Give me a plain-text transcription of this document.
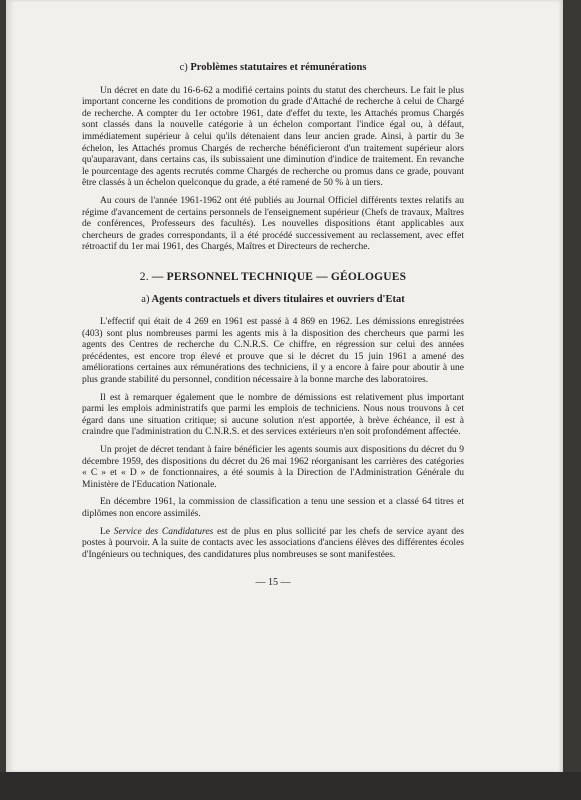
c) Problèmes statutaires et rémunérations

Un décret en date du 16-6-62 a modifié certains points du statut des chercheurs. Le fait le plus important concerne les conditions de promotion du grade d'Attaché de recherche à celui de Chargé de recherche. A compter du 1er octobre 1961, date d'effet du texte, les Attachés promus Chargés sont classés dans la nouvelle catégorie à un échelon comportant l'indice égal ou, à défaut, immédiatement supérieur à celui qu'ils détenaient dans leur ancien grade. Ainsi, à partir du 3e échelon, les Attachés promus Chargés de recherche bénéficieront d'un traitement supérieur alors qu'auparavant, dans certains cas, ils subissaient une diminution d'indice de traitement. En revanche le pourcentage des agents recrutés comme Chargés de recherche ou promus dans ce grade, pouvant être classés à un échelon quelconque du grade, a été ramené de 50 % à un tiers.

Au cours de l'année 1961-1962 ont été publiés au Journal Officiel différents textes relatifs au régime d'avancement de certains personnels de l'enseignement supérieur (Chefs de travaux, Maîtres de conférences, Professeurs des facultés). Les nouvelles dispositions étant applicables aux chercheurs de grades correspondants, il a été procédé successivement au reclassement, avec effet rétroactif du 1er mai 1961, des Chargés, Maîtres et Directeurs de recherche.

2. — PERSONNEL TECHNIQUE — GÉOLOGUES
a) Agents contractuels et divers titulaires et ouvriers d'Etat

L'effectif qui était de 4 269 en 1961 est passé à 4 869 en 1962. Les démissions enregistrées (403) sont plus nombreuses parmi les agents mis à la disposition des chercheurs que parmi les agents des Centres de recherche du C.N.R.S. Ce chiffre, en régression sur celui des années précédentes, est encore trop élevé et prouve que si le décret du 15 juin 1961 a amené des améliorations certaines aux rémunérations des techniciens, il y a encore à faire pour aboutir à une plus grande stabilité du personnel, condition nécessaire à la bonne marche des laboratoires.

Il est à remarquer également que le nombre de démissions est relativement plus important parmi les emplois administratifs que parmi les emplois de techniciens. Nous nous trouvons à cet égard dans une situation critique; si aucune solution n'est apportée, à brève échéance, il est à craindre que l'administration du C.N.R.S. et des services extérieurs n'en soit profondément affectée.

Un projet de décret tendant à faire bénéficier les agents soumis aux dispositions du décret du 9 décembre 1959, des dispositions du décret du 26 mai 1962 réorganisant les carrières des catégories « C » et « D » de fonctionnaires, a été soumis à la Direction de l'Administration Générale du Ministère de l'Education Nationale.

En décembre 1961, la commission de classification a tenu une session et a classé 64 titres et diplômes non encore assimilés.

Le Service des Candidatures est de plus en plus sollicité par les chefs de service ayant des postes à pourvoir. A la suite de contacts avec les associations d'anciens élèves des différentes écoles d'Ingénieurs ou techniques, des candidatures plus nombreuses se sont manifestées.

— 15 —
